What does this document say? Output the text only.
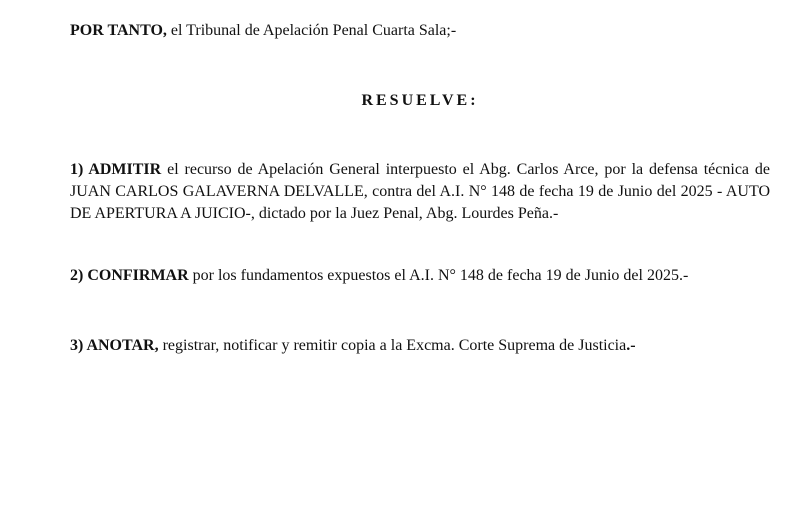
POR TANTO, el Tribunal de Apelación Penal Cuarta Sala;-

RESUELVE:

1) ADMITIR el recurso de Apelación General interpuesto el Abg. Carlos Arce, por la defensa técnica de JUAN CARLOS GALAVERNA DELVALLE, contra del A.I. N° 148 de fecha 19 de Junio del 2025 - AUTO DE APERTURA A JUICIO-, dictado por la Juez Penal, Abg. Lourdes Peña.-

2) CONFIRMAR por los fundamentos expuestos el A.I. N° 148 de fecha 19 de Junio del 2025.-

3) ANOTAR, registrar, notificar y remitir copia a la Excma. Corte Suprema de Justicia.-
